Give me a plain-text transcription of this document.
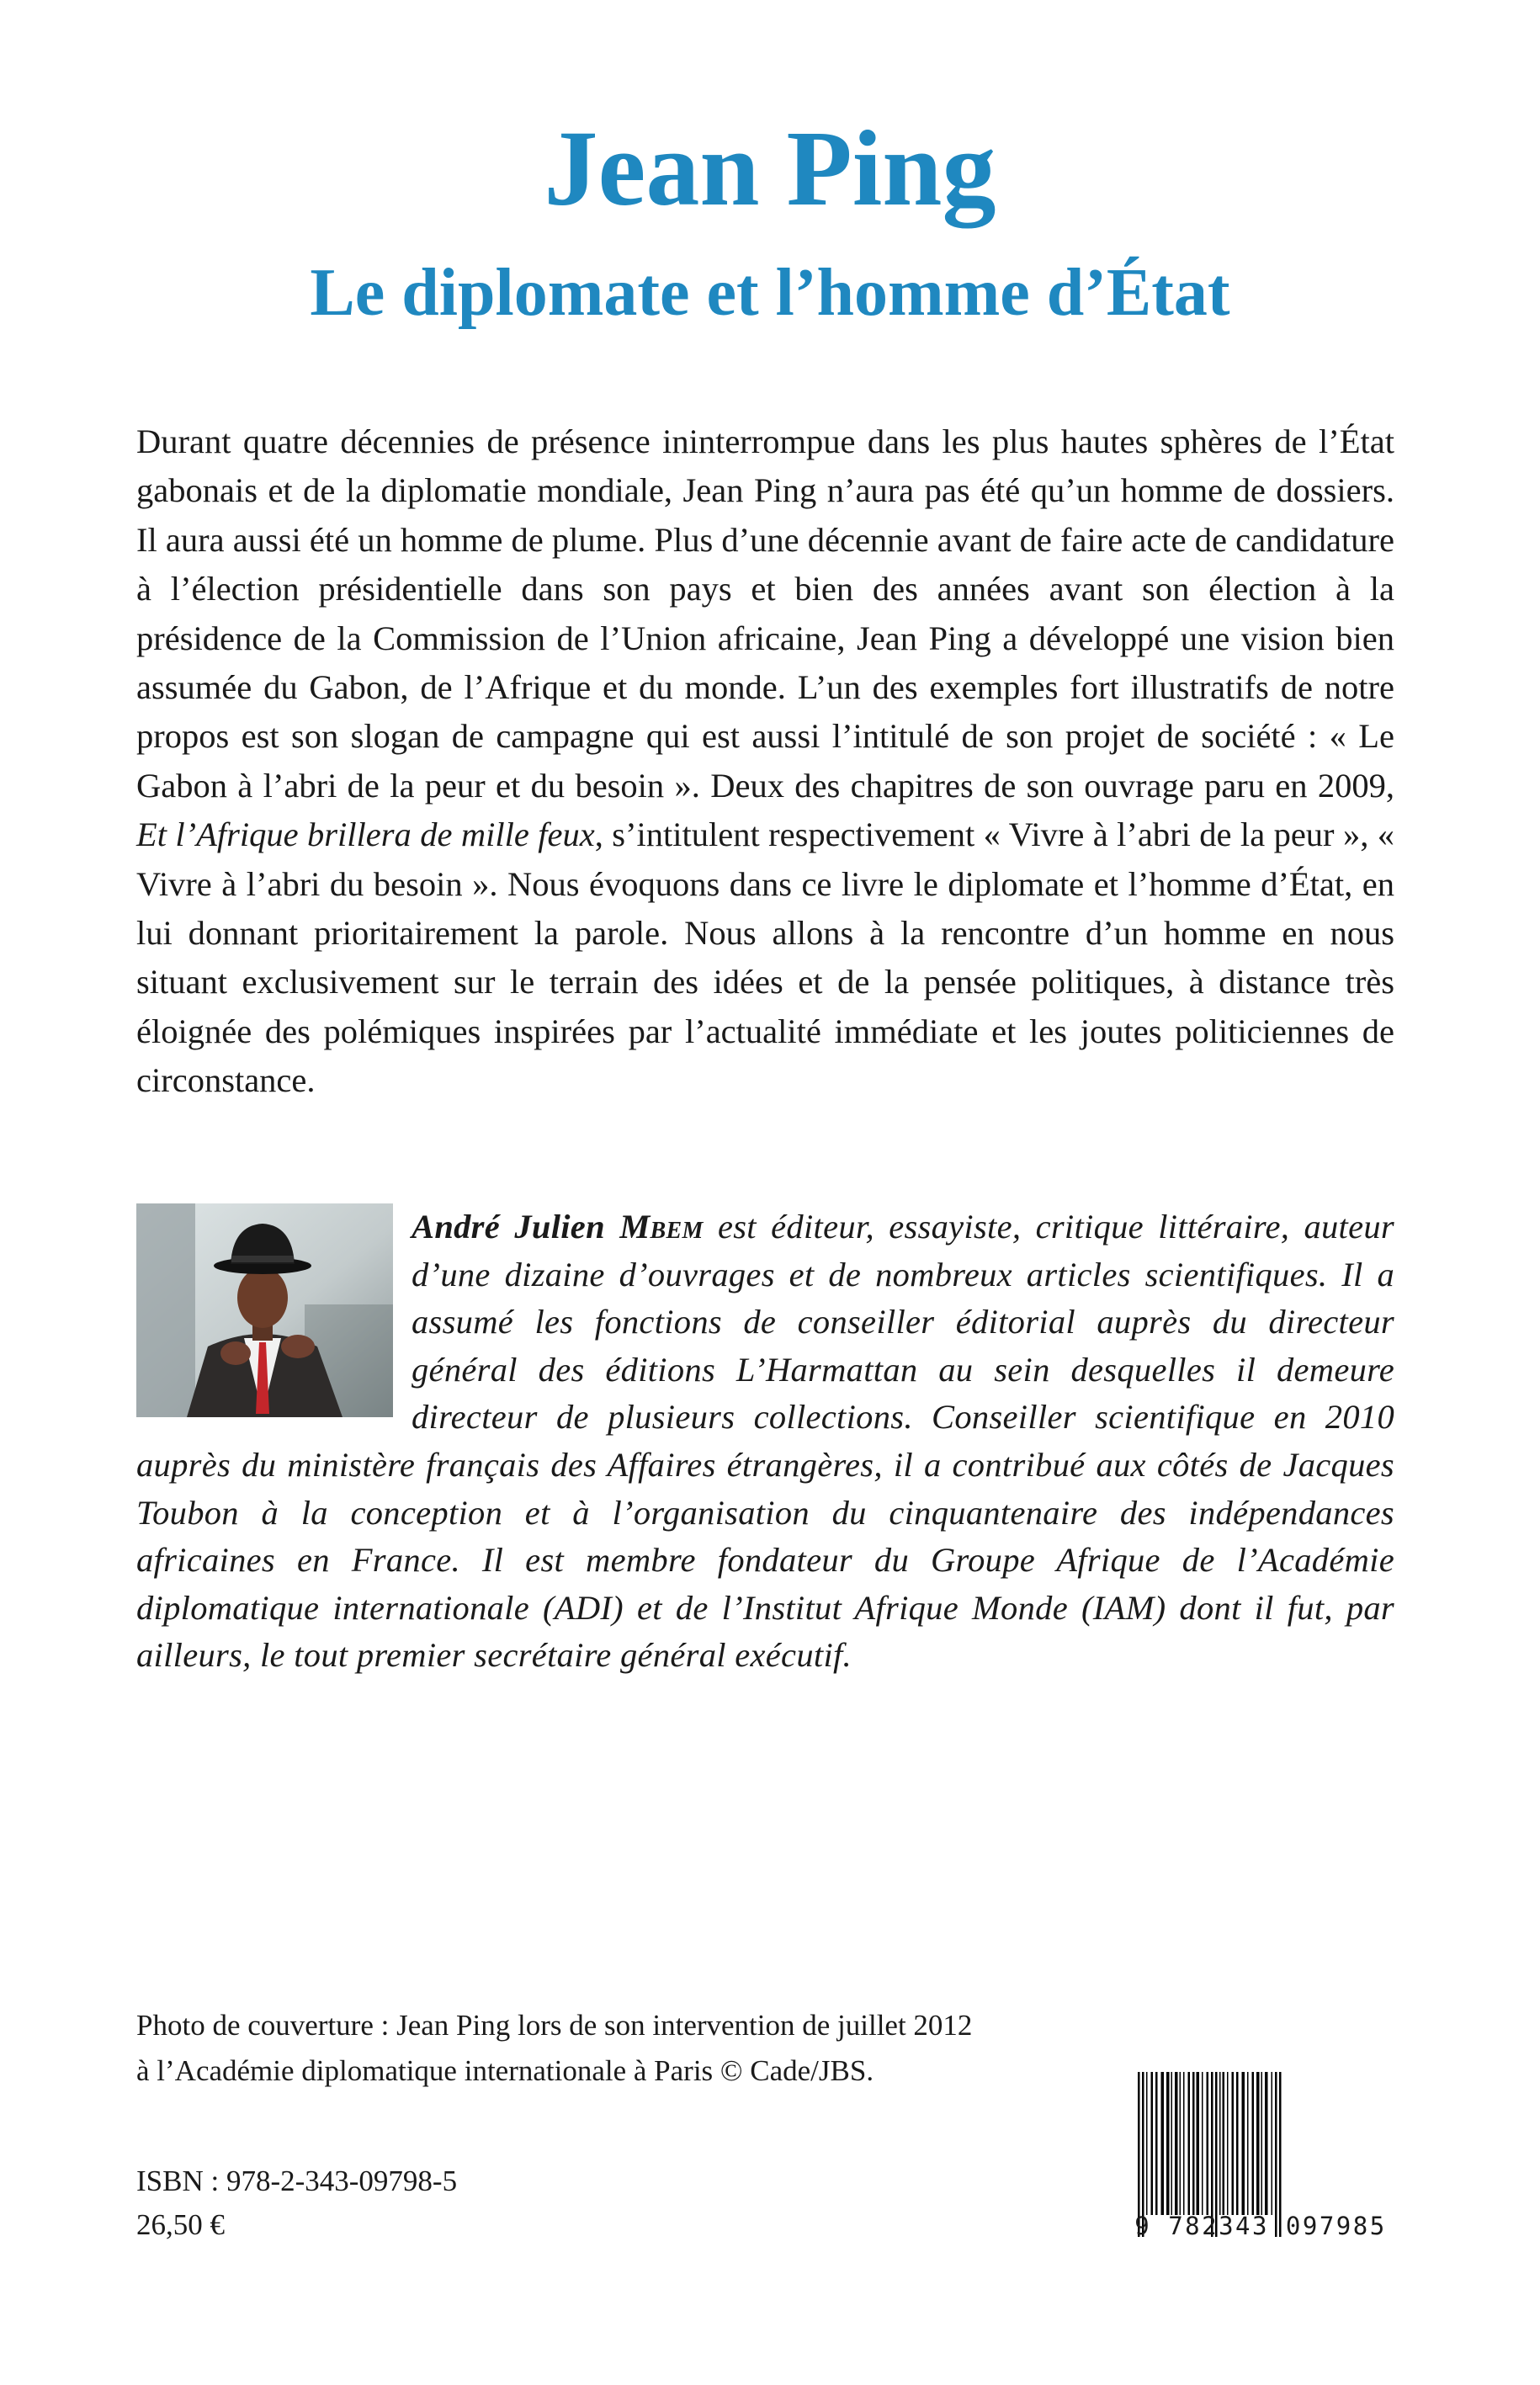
Jean Ping
Le diplomate et l’homme d’État

Durant quatre décennies de présence ininterrompue dans les plus hautes sphères de l’État gabonais et de la diplomatie mondiale, Jean Ping n’aura pas été qu’un homme de dossiers. Il aura aussi été un homme de plume. Plus d’une décennie avant de faire acte de candidature à l’élection présidentielle dans son pays et bien des années avant son élection à la présidence de la Commission de l’Union africaine, Jean Ping a développé une vision bien assumée du Gabon, de l’Afrique et du monde. L’un des exemples fort illustratifs de notre propos est son slogan de campagne qui est aussi l’intitulé de son projet de société : « Le Gabon à l’abri de la peur et du besoin ». Deux des chapitres de son ouvrage paru en 2009, Et l’Afrique brillera de mille feux, s’intitulent respectivement « Vivre à l’abri de la peur », « Vivre à l’abri du besoin ». Nous évoquons dans ce livre le diplomate et l’homme d’État, en lui donnant prioritairement la parole. Nous allons à la rencontre d’un homme en nous situant exclusivement sur le terrain des idées et de la pensée politiques, à distance très éloignée des polémiques inspirées par l’actualité immédiate et les joutes politiciennes de circonstance.

André Julien Mbem est éditeur, essayiste, critique littéraire, auteur d’une dizaine d’ouvrages et de nombreux articles scientifiques. Il a assumé les fonctions de conseiller éditorial auprès du directeur général des éditions L’Harmattan au sein desquelles il demeure directeur de plusieurs collections. Conseiller scientifique en 2010 auprès du ministère français des Affaires étrangères, il a contribué aux côtés de Jacques Toubon à la conception et à l’organisation du cinquantenaire des indépendances africaines en France. Il est membre fondateur du Groupe Afrique de l’Académie diplomatique internationale (ADI) et de l’Institut Afrique Monde (IAM) dont il fut, par ailleurs, le tout premier secrétaire général exécutif.

Photo de couverture : Jean Ping lors de son intervention de juillet 2012
à l’Académie diplomatique internationale à Paris © Cade/JBS.

ISBN : 978-2-343-09798-5

26,50 €	9 782343 097985
